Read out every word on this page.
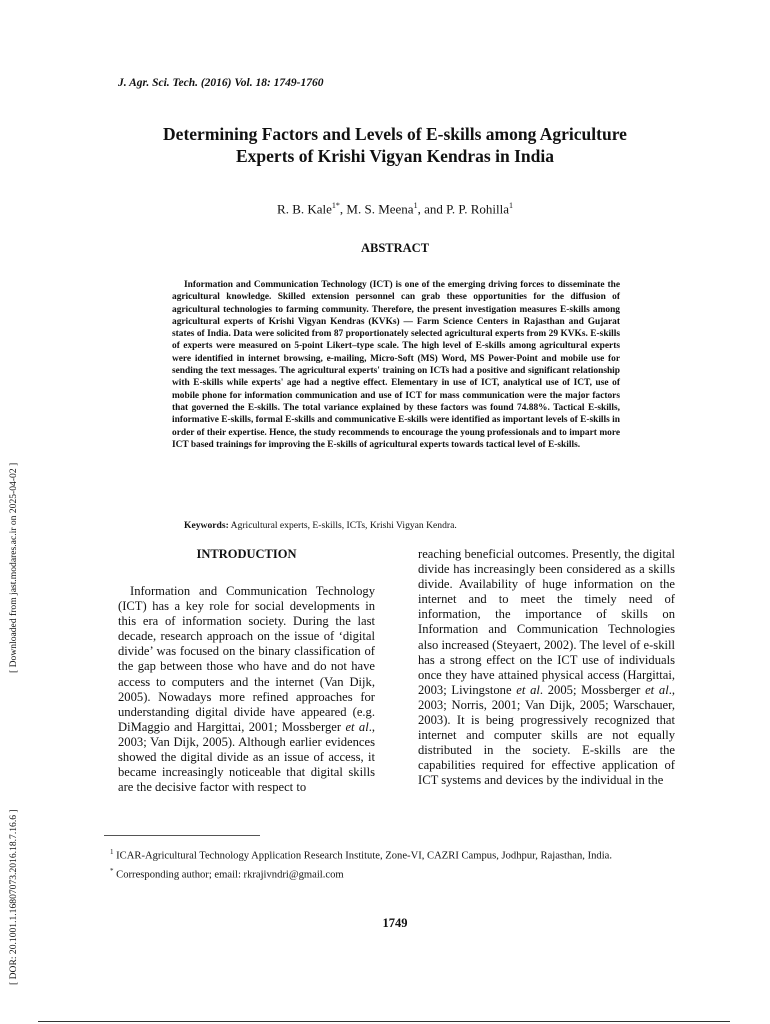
J. Agr. Sci. Tech. (2016) Vol. 18: 1749-1760
Determining Factors and Levels of E-skills among Agriculture
Experts of Krishi Vigyan Kendras in India
R. B. Kale$^{1*}$, M. S. Meena$^1$, and P. P. Rohilla$^1$
ABSTRACT
Information and Communication Technology (ICT) is one of the emerging driving forces to disseminate the agricultural knowledge. Skilled extension personnel can grab these opportunities for the diffusion of agricultural technologies to farming community. Therefore, the present investigation measures E-skills among agricultural experts of Krishi Vigyan Kendras (KVKs) — Farm Science Centers in Rajasthan and Gujarat states of India. Data were solicited from 87 proportionately selected agricultural experts from 29 KVKs. E-skills of experts were measured on 5-point Likert–type scale. The high level of E-skills among agricultural experts were identified in internet browsing, e-mailing, Micro-Soft (MS) Word, MS Power-Point and mobile use for sending the text messages. The agricultural experts' training on ICTs had a positive and significant relationship with E-skills while experts' age had a negtive effect. Elementary in use of ICT, analytical use of ICT, use of mobile phone for information communication and use of ICT for mass communication were the major factors that governed the E-skills. The total variance explained by these factors was found 74.88%. Tactical E-skills, informative E-skills, formal E-skills and communicative E-skills were identified as important levels of E-skills in order of their expertise. Hence, the study recommends to encourage the young professionals and to impart more ICT based trainings for improving the E-skills of agricultural experts towards tactical level of E-skills.
Keywords: Agricultural experts, E-skills, ICTs, Krishi Vigyan Kendra.
INTRODUCTION
Information and Communication Technology (ICT) has a key role for social developments in this era of information society. During the last decade, research approach on the issue of ‘digital divide’ was focused on the binary classification of the gap between those who have and do not have access to computers and the internet (Van Dijk, 2005). Nowadays more refined approaches for understanding digital divide have appeared (e.g. DiMaggio and Hargittai, 2001; Mossberger et al., 2003; Van Dijk, 2005). Although earlier evidences showed the digital divide as an issue of access, it became increasingly noticeable that digital skills are the decisive factor with respect to
reaching beneficial outcomes. Presently, the digital divide has increasingly been considered as a skills divide. Availability of huge information on the internet and to meet the timely need of information, the importance of skills on Information and Communication Technologies also increased (Steyaert, 2002). The level of e-skill has a strong effect on the ICT use of individuals once they have attained physical access (Hargittai, 2003; Livingstone et al. 2005; Mossberger et al., 2003; Norris, 2001; Van Dijk, 2005; Warschauer, 2003). It is being progressively recognized that internet and computer skills are not equally distributed in the society. E-skills are the capabilities required for effective application of ICT systems and devices by the individual in the
$^1$ ICAR-Agricultural Technology Application Research Institute, Zone-VI, CAZRI Campus, Jodhpur, Rajasthan, India.
* Corresponding author; email: rkrajivndri@gmail.com
1749
[ Downloaded from jast.modares.ac.ir on 2025-04-02 ]
[ DOR: 20.1001.1.16807073.2016.18.7.16.6 ]
